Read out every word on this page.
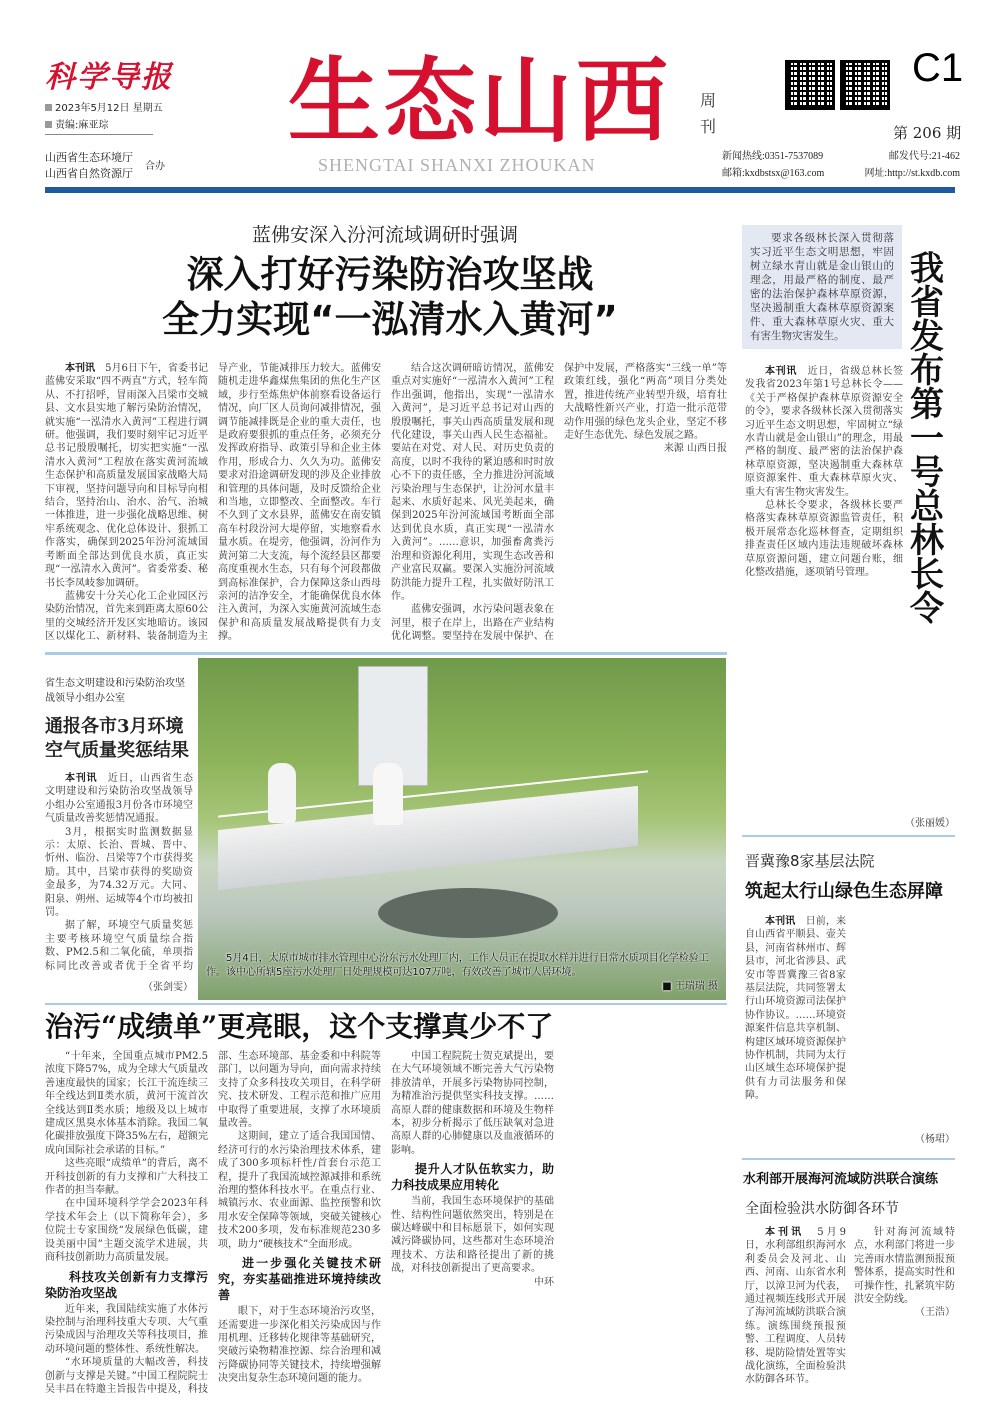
科学导报
2023年5月12日 星期五
责编:麻亚琮
山西省生态环境厅
山西省自然资源厅
合办
生态山西 周刊
SHENGTAI SHANXI ZHOUKAN
C1
第 206 期
新闻热线:0351-7537089	邮发代号:21-462
邮箱:kxdbstsx@163.com	网址:http://st.kxdb.com
蓝佛安深入汾河流域调研时强调
深入打好污染防治攻坚战
全力实现“一泓清水入黄河”

本刊讯　 5月6日下午，省委书记蓝佛安采取“四不两直”方式，轻车简从、不打招呼，冒雨深入吕梁市交城县、文水县实地了解污染防治情况，就实施“一泓清水入黄河”工程进行调研。他强调，我们要时刻牢记习近平总书记殷殷嘱托，切实把实施“一泓清水入黄河”工程放在落实黄河流域生态保护和高质量发展国家战略大局下审视，坚持问题导向和目标导向相结合，坚持治山、治水、治气、治城一体推进，进一步强化战略思维、树牢系统观念、优化总体设计、狠抓工作落实，确保到2025年汾河流域国考断面全部达到优良水质，真正实现“一泓清水入黄河”。省委常委、秘书长李凤岐参加调研。

蓝佛安十分关心化工企业园区污染防治情况，首先来到距离太原60公里的交城经济开发区实地暗访。该园区以煤化工、新材料、装备制造为主导产业，节能减排压力较大。蓝佛安随机走进华鑫煤焦集团的焦化生产区域，步行至炼焦炉体前察看设备运行情况，向厂区人员询问减排情况，强调节能减排既是企业的重大责任，也是政府要狠抓的重点任务，必须充分发挥政府指导、政策引导和企业主体作用，形成合力、久久为功。蓝佛安要求对沿途调研发现的涉及企业排放和管理的具体问题，及时反馈给企业和当地，立即整改、全面整改。车行不久到了文水县界，蓝佛安在南安镇高车村段汾河大堤停留，实地察看水量水质。在堤旁，他强调，汾河作为黄河第二大支流，每个流经县区都要高度重视水生态，只有每个河段都做到高标准保护，合力保障这条山西母亲河的洁净安全，才能确保优良水体注入黄河，为深入实施黄河流域生态保护和高质量发展战略提供有力支撑。

结合这次调研暗访情况，蓝佛安重点对实施好“一泓清水入黄河”工程作出强调，他指出，实现“一泓清水入黄河”，是习近平总书记对山西的殷殷嘱托，事关山西高质量发展和现代化建设，事关山西人民生态福祉。要站在对党、对人民、对历史负责的高度，以时不我待的紧迫感和时时放心不下的责任感，全力推进汾河流域污染治理与生态保护，让汾河水量丰起来、水质好起来、风光美起来，确保到2025年汾河流域国考断面全部达到优良水质，真正实现“一泓清水入黄河”。……意识，加强畜禽粪污治理和资源化利用，实现生态改善和产业富民双赢。要深入实施汾河流域防洪能力提升工程，扎实做好防汛工作。

蓝佛安强调，水污染问题表象在河里，根子在岸上，出路在产业结构优化调整。要坚持在发展中保护、在保护中发展，严格落实“三线一单”等政策红线，强化“两高”项目分类处置，推进传统产业转型升级，培育壮大战略性新兴产业，打造一批示范带动作用强的绿色龙头企业，坚定不移走好生态优先、绿色发展之路。

来源 山西日报
省生态文明建设和污染防治攻坚战领导小组办公室
通报各市3月环境空气质量奖惩结果

本刊讯　 近日，山西省生态文明建设和污染防治攻坚战领导小组办公室通报3月份各市环境空气质量改善奖惩情况通报。

3月，根据实时监测数据显示：太原、长治、晋城、晋中、忻州、临汾、吕梁等7个市获得奖励。其中，吕梁市获得的奖励资金最多，为74.32万元。大同、阳泉、朔州、运城等4个市均被扣罚。

据了解，环境空气质量奖惩主要考核环境空气质量综合指数、PM2.5和二氧化硫，单项指标同比改善或者优于全省平均

（张剑雯）

5月4日，太原市城市排水管理中心汾东污水处理厂内，工作人员正在提取水样并进行日常水质项目化学检验工作。该中心所辖5座污水处理厂日处理规模可达107万吨，有效改善了城市人居环境。

■ 王瑞瑞 摄

要求各级林长深入贯彻落实习近平生态文明思想，牢固树立绿水青山就是金山银山的理念，用最严格的制度、最严密的法治保护森林草原资源，坚决遏制重大森林草原资源案件、重大森林草原火灾、重大有害生物灾害发生。

我省发布第一号总林长令

本刊讯　 近日，省级总林长签发我省2023年第1号总林长令——《关于严格保护森林草原资源安全的令》，要求各级林长深入贯彻落实习近平生态文明思想，牢固树立“绿水青山就是金山银山”的理念，用最严格的制度、最严密的法治保护森林草原资源，坚决遏制重大森林草原资源案件、重大森林草原火灾、重大有害生物灾害发生。

总林长令要求，各级林长要严格落实森林草原资源监管责任，积极开展常态化巡林督查，定期组织排查责任区域内违法违规破坏森林草原资源问题，建立问题台账，细化整改措施，逐项销号管理。

（张丽媛）
晋冀豫8家基层法院
筑起太行山绿色生态屏障

本刊讯　 日前，来自山西省平顺县、壶关县，河南省林州市、辉县市，河北省涉县、武安市等晋冀豫三省8家基层法院，共同签署太行山环境资源司法保护协作协议。……环境资源案件信息共享机制、构建区域环境资源保护协作机制，共同为太行山区域生态环境保护提供有力司法服务和保障。

（杨珺）
水利部开展海河流域防洪联合演练
全面检验洪水防御各环节

本刊讯　 5月9日，水利部组织海河水利委员会及河北、山西、河南、山东省水利厅，以漳卫河为代表，通过视频连线形式开展了海河流域防洪联合演练。演练围绕预报预警、工程调度、人员转移、堤防险情处置等实战化演练，全面检验洪水防御各环节。

针对海河流域特点，水利部门将进一步完善雨水情监测预报预警体系，提高实时性和可操作性，扎紧筑牢防洪安全防线。

（王浩）
治污“成绩单”更亮眼，这个支撑真少不了

“十年来，全国重点城市PM2.5浓度下降57%，成为全球大气质量改善速度最快的国家；长江干流连续三年全线达到Ⅱ类水质，黄河干流首次全线达到Ⅱ类水质；地级及以上城市建成区黑臭水体基本消除。我国二氧化碳排放强度下降35%左右，超额完成向国际社会承诺的目标。”

这些亮眼“成绩单”的背后，离不开科技创新的有力支撑和广大科技工作者的担当奉献。

在中国环境科学学会2023年科学技术年会上（以下简称年会），多位院士专家围绕“发展绿色低碳，建设美丽中国”主题交流学术进展，共商科技创新助力高质量发展。

科技攻关创新有力支撑污染防治攻坚战

近年来，我国陆续实施了水体污染控制与治理科技重大专项、大气重污染成因与治理攻关等科技项目，推动环境问题的整体性、系统性解决。

“水环境质量的大幅改善，科技创新与支撑是关键。”中国工程院院士吴丰昌在特邀主旨报告中提及，科技部、生态环境部、基金委和中科院等部门，以问题为导向，面向需求持续支持了众多科技攻关项目，在科学研究、技术研发、工程示范和推广应用中取得了重要进展，支撑了水环境质量改善。

这期间，建立了适合我国国情、经济可行的水污染治理技术体系，建成了300多项标杆性/首套台示范工程，提升了我国流域控源减排和系统治理的整体科技水平。在重点行业、城镇污水、农业面源、监控预警和饮用水安全保障等领域，突破关键核心技术200多项，发布标准规范230多项，助力“硬核技术”全面形成。

进一步强化关键技术研究，夯实基础推进环境持续改善

眼下，对于生态环境治污攻坚，还需要进一步深化相关污染成因与作用机理、迁移转化规律等基础研究，突破污染物精准控源、综合治理和减污降碳协同等关键技术，持续增强解决突出复杂生态环境问题的能力。

中国工程院院士贺克斌提出，要在大气环境领域不断完善大气污染物排放清单，开展多污染物协同控制，为精准治污提供坚实科技支撑。……高原人群的健康数据和环境及生物样本，初步分析揭示了低压缺氧对急进高原人群的心肺健康以及血液循环的影响。

提升人才队伍软实力，助力科技成果应用转化

当前，我国生态环境保护的基础性、结构性问题依然突出，特别是在碳达峰碳中和目标愿景下，如何实现减污降碳协同，这些都对生态环境治理技术、方法和路径提出了新的挑战，对科技创新提出了更高要求。

中环
